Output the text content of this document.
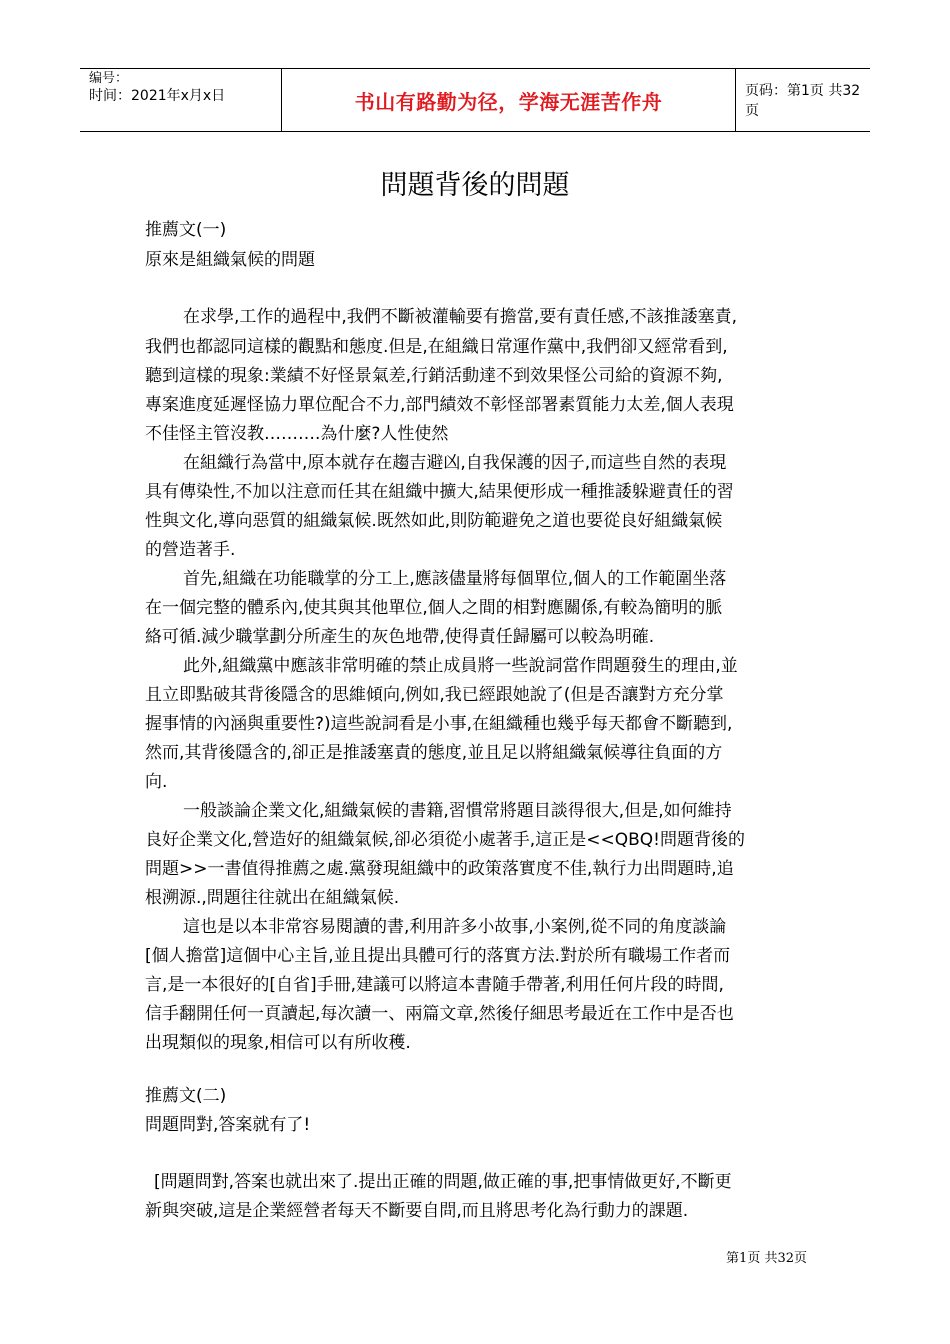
编号：
时间：2021年x月x日	书山有路勤为径，学海无涯苦作舟	页码：第1页 共32页
問題背後的問題
推薦文(一)
原來是組織氣候的問題
在求學,工作的過程中,我們不斷被灌輸要有擔當,要有責任感,不該推諉塞責,
我們也都認同這樣的觀點和態度.但是,在組織日常運作黨中,我們卻又經常看到,
聽到這樣的現象:業績不好怪景氣差,行銷活動達不到效果怪公司給的資源不夠,
專案進度延遲怪協力單位配合不力,部門績效不彰怪部署素質能力太差,個人表現
不佳怪主管沒教……….為什麼?人性使然
在組織行為當中,原本就存在趨吉避凶,自我保護的因子,而這些自然的表現
具有傳染性,不加以注意而任其在組織中擴大,結果便形成一種推諉躲避責任的習
性與文化,導向惡質的組織氣候.既然如此,則防範避免之道也要從良好組織氣候
的營造著手.
首先,組織在功能職掌的分工上,應該儘量將每個單位,個人的工作範圍坐落
在一個完整的體系內,使其與其他單位,個人之間的相對應關係,有較為簡明的脈
絡可循.減少職掌劃分所產生的灰色地帶,使得責任歸屬可以較為明確.
此外,組織黨中應該非常明確的禁止成員將一些說詞當作問題發生的理由,並
且立即點破其背後隱含的思維傾向,例如,我已經跟她說了(但是否讓對方充分掌
握事情的內涵與重要性?)這些說詞看是小事,在組織種也幾乎每天都會不斷聽到,
然而,其背後隱含的,卻正是推諉塞責的態度,並且足以將組織氣候導往負面的方
向.
一般談論企業文化,組織氣候的書籍,習慣常將題目談得很大,但是,如何維持
良好企業文化,營造好的組織氣候,卻必須從小處著手,這正是<<QBQ!問題背後的
問題>>一書值得推薦之處.黨發現組織中的政策落實度不佳,執行力出問題時,追
根溯源.,問題往往就出在組織氣候.
這也是以本非常容易閱讀的書,利用許多小故事,小案例,從不同的角度談論
[個人擔當]這個中心主旨,並且提出具體可行的落實方法.對於所有職場工作者而
言,是一本很好的[自省]手冊,建議可以將這本書隨手帶著,利用任何片段的時間,
信手翻開任何一頁讀起,每次讀一、兩篇文章,然後仔細思考最近在工作中是否也
出現類似的現象,相信可以有所收穫.
推薦文(二)
問題問對,答案就有了!
[問題問對,答案也就出來了.提出正確的問題,做正確的事,把事情做更好,不斷更
新與突破,這是企業經營者每天不斷要自問,而且將思考化為行動力的課題.
第1页 共32页
